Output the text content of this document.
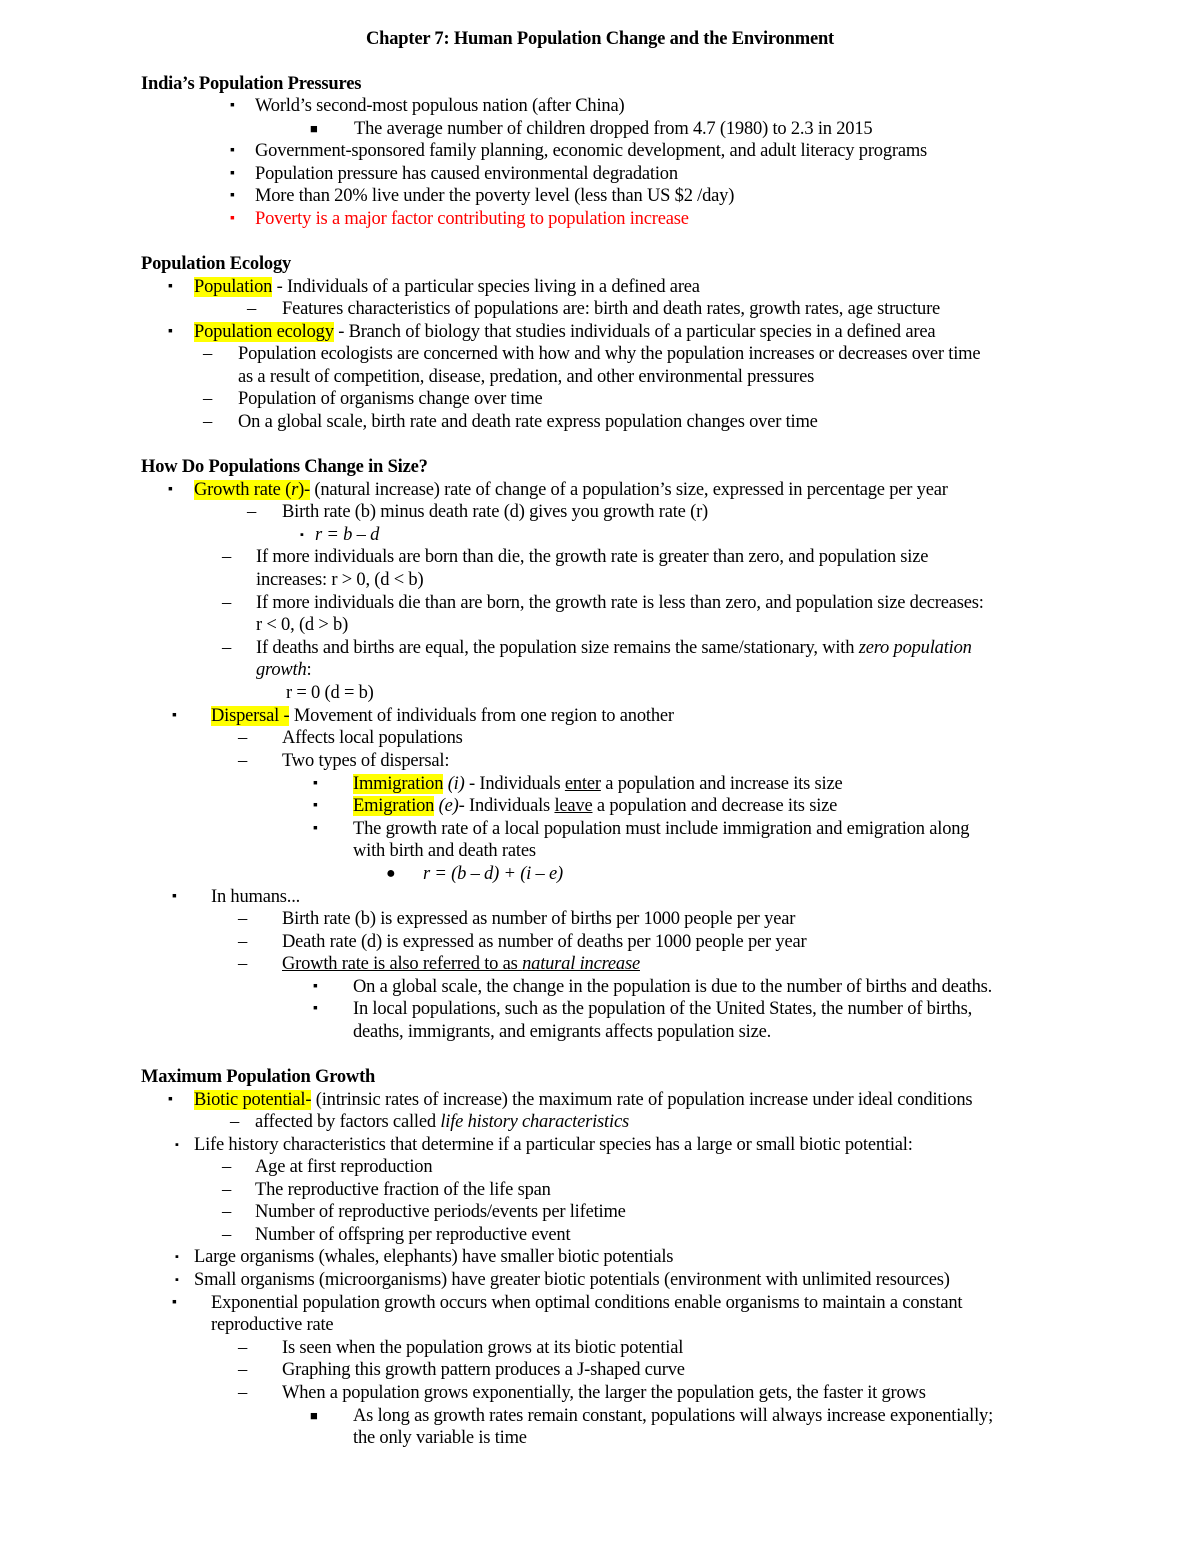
Chapter 7: Human Population Change and the Environment
India’s Population Pressures
▪ World’s second-most populous nation (after China)
■ The average number of children dropped from 4.7 (1980) to 2.3 in 2015
▪ Government-sponsored family planning, economic development, and adult literacy programs
▪ Population pressure has caused environmental degradation
▪ More than 20% live under the poverty level (less than US $2 /day)
▪ Poverty is a major factor contributing to population increase
Population Ecology
▪ Population - Individuals of a particular species living in a defined area
– Features characteristics of populations are: birth and death rates, growth rates, age structure
▪ Population ecology - Branch of biology that studies individuals of a particular species in a defined area
– Population ecologists are concerned with how and why the population increases or decreases over time
as a result of competition, disease, predation, and other environmental pressures
– Population of organisms change over time
– On a global scale, birth rate and death rate express population changes over time
How Do Populations Change in Size?
▪ Growth rate (r)- (natural increase) rate of change of a population’s size, expressed in percentage per year
– Birth rate (b) minus death rate (d) gives you growth rate (r)
▪ r = b – d
– If more individuals are born than die, the growth rate is greater than zero, and population size
increases: r > 0, (d < b)
– If more individuals die than are born, the growth rate is less than zero, and population size decreases:
r < 0, (d > b)
– If deaths and births are equal, the population size remains the same/stationary, with zero population
growth:
r = 0 (d = b)
▪ Dispersal - Movement of individuals from one region to another
– Affects local populations
– Two types of dispersal:
▪ Immigration (i) - Individuals enter a population and increase its size
▪ Emigration (e)- Individuals leave a population and decrease its size
▪ The growth rate of a local population must include immigration and emigration along
with birth and death rates
● r = (b – d) + (i – e)
▪ In humans...
– Birth rate (b) is expressed as number of births per 1000 people per year
– Death rate (d) is expressed as number of deaths per 1000 people per year
– Growth rate is also referred to as natural increase
▪ On a global scale, the change in the population is due to the number of births and deaths.
▪ In local populations, such as the population of the United States, the number of births,
deaths, immigrants, and emigrants affects population size.
Maximum Population Growth
▪ Biotic potential- (intrinsic rates of increase) the maximum rate of population increase under ideal conditions
– affected by factors called life history characteristics
▪ Life history characteristics that determine if a particular species has a large or small biotic potential:
– Age at first reproduction
– The reproductive fraction of the life span
– Number of reproductive periods/events per lifetime
– Number of offspring per reproductive event
▪ Large organisms (whales, elephants) have smaller biotic potentials
▪ Small organisms (microorganisms) have greater biotic potentials (environment with unlimited resources)
▪ Exponential population growth occurs when optimal conditions enable organisms to maintain a constant
reproductive rate
– Is seen when the population grows at its biotic potential
– Graphing this growth pattern produces a J-shaped curve
– When a population grows exponentially, the larger the population gets, the faster it grows
■ As long as growth rates remain constant, populations will always increase exponentially;
the only variable is time
